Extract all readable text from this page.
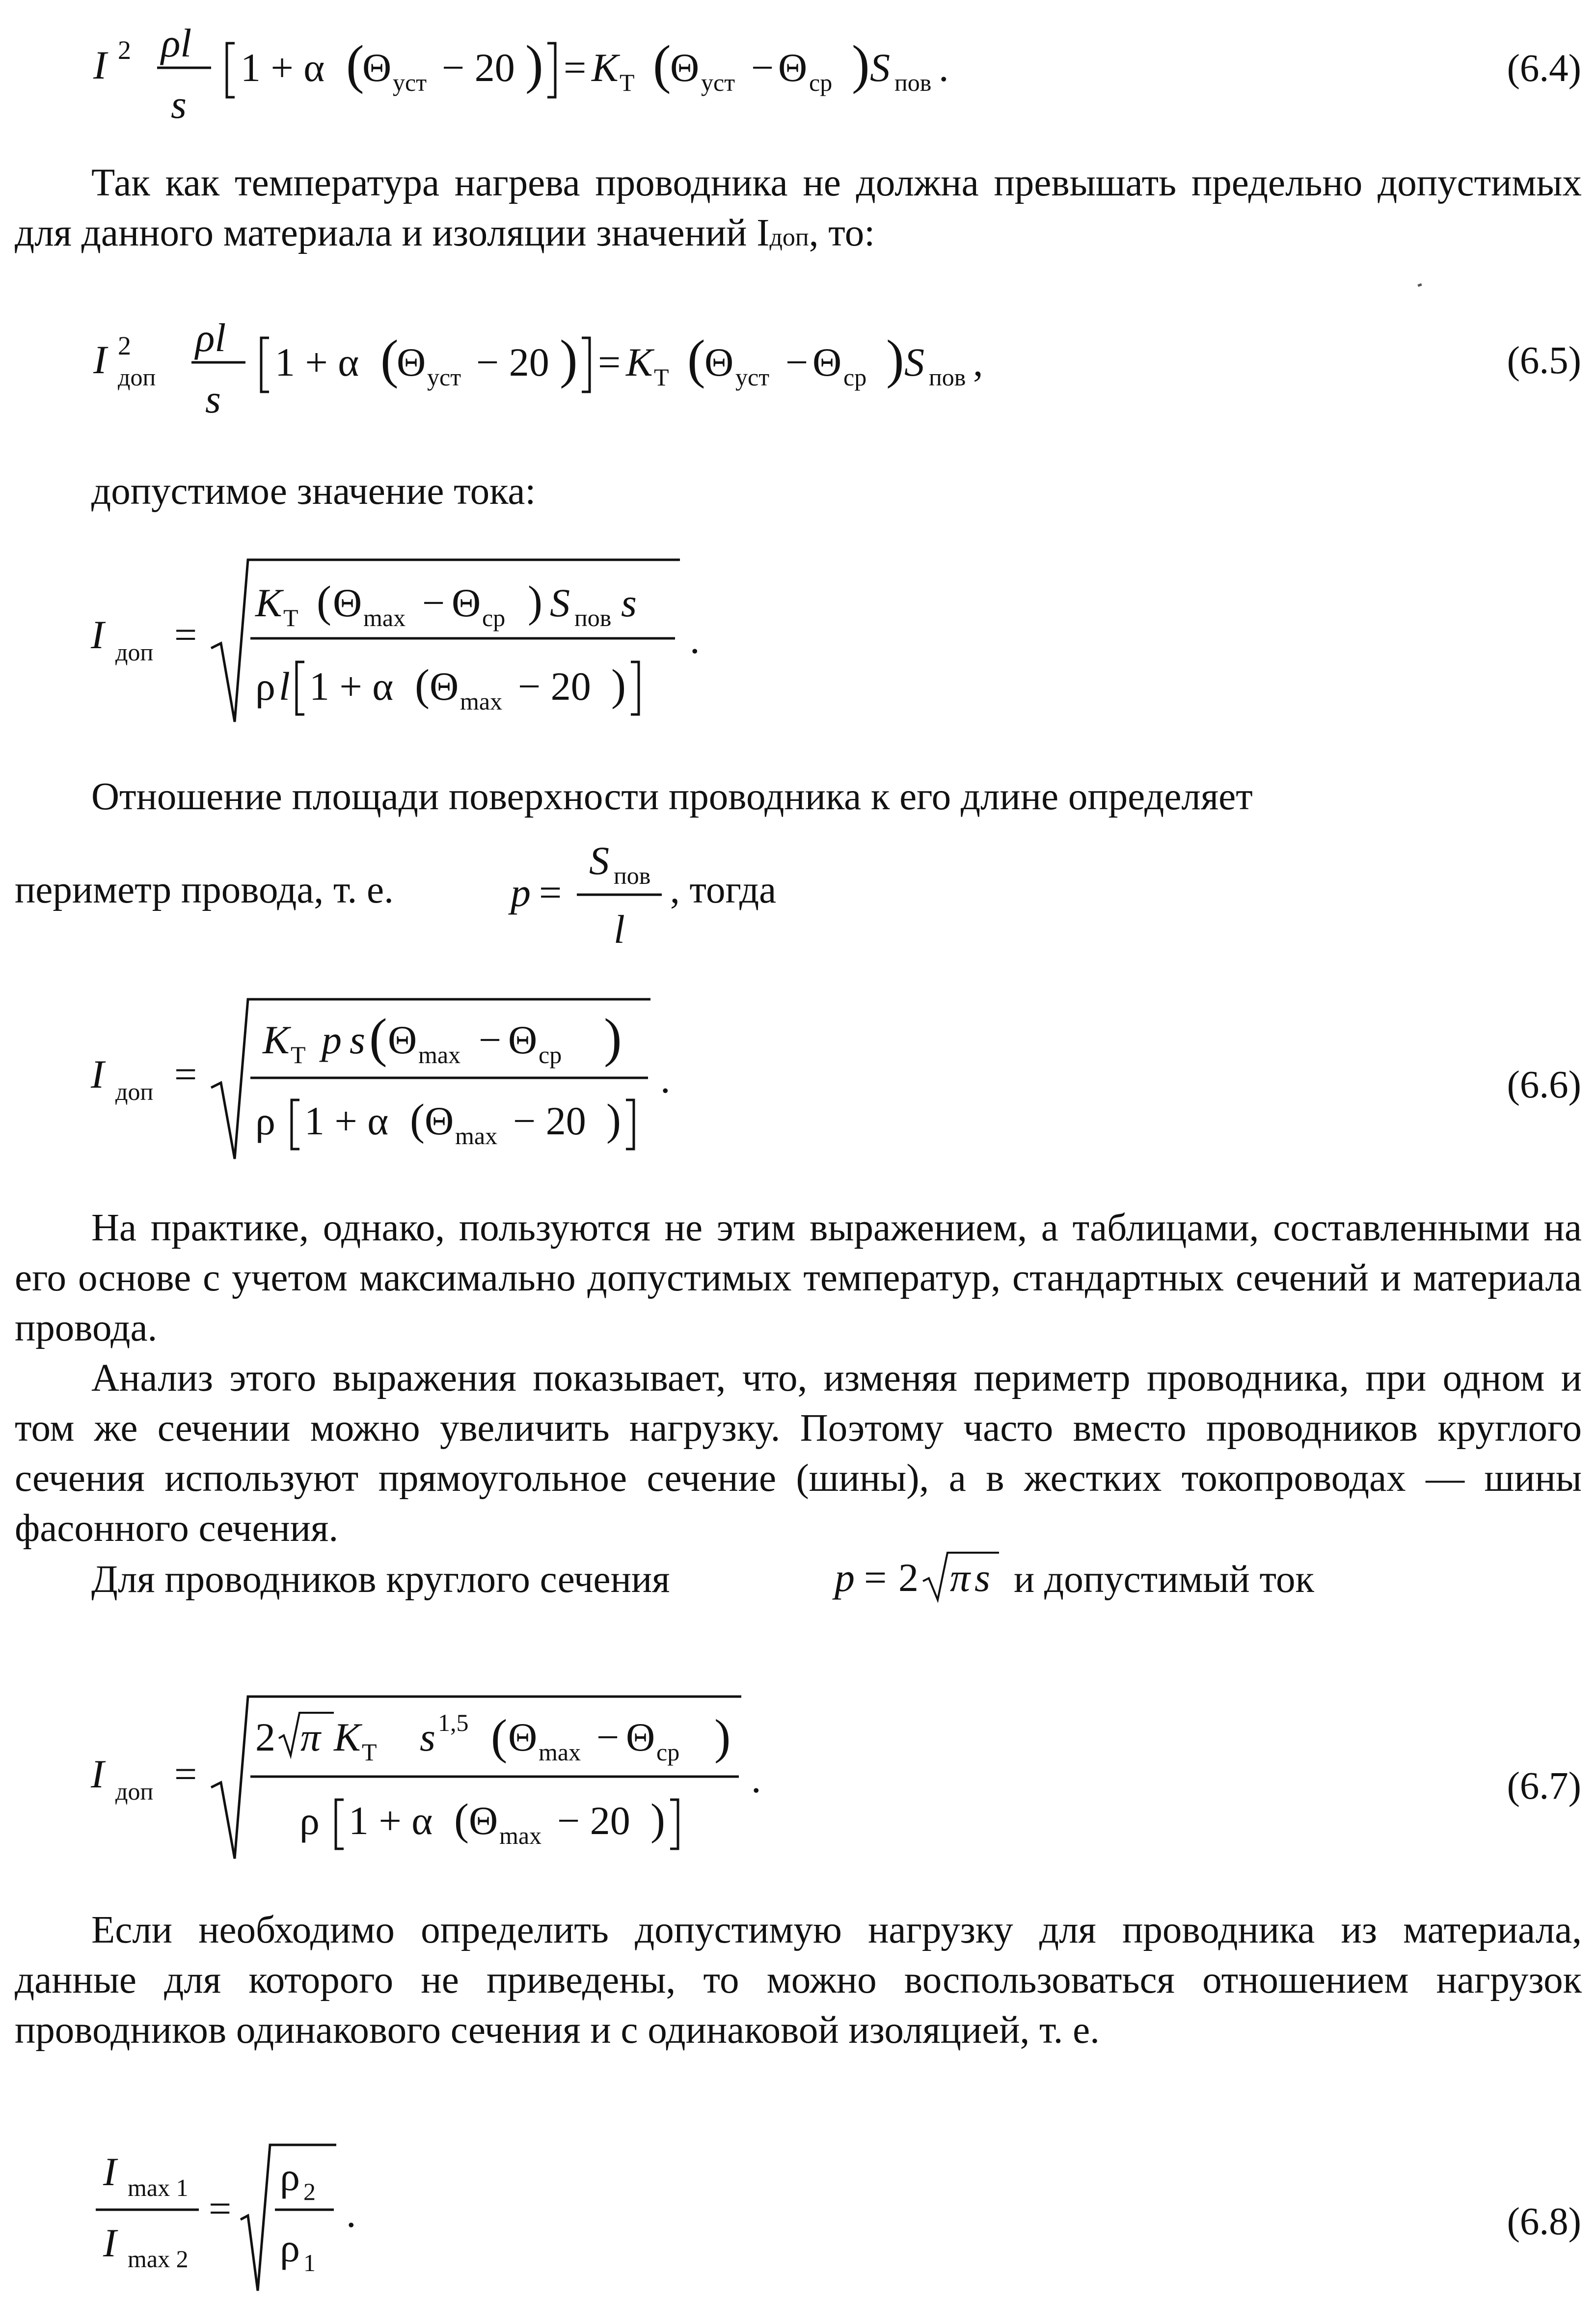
I 2 ρl
s
1 + α (
Θ уст − 20 ) = K Т (
Θ уст − Θ ср ) S пов .	(6.4)
Так как температура нагрева проводника не должна превышать предельно допустимых для данного материала и изоляции значений Iдоп, то:
I 2
доп
ρl
s
1 + α (
Θ уст − 20 ) = K Т (
Θ уст − Θ ср ) S пов ,	(6.5)
допустимое значение тока:
I доп =
K Т ( Θ max − Θ ср ) S пов s
ρ l 1 + α ( Θ max − 20 )
.
Отношение площади поверхности проводника к его длине определяет
периметр провода, т. е.	p =
S пов
l
, тогда
I доп =
K Т p s ( Θ max − Θ ср )
ρ 1 + α ( Θ max − 20 )
.	(6.6)
На практике, однако, пользуются не этим выражением, а таблицами, составленными на его основе с учетом максимально допустимых температур, стандартных сечений и материала провода.
Анализ этого выражения показывает, что, изменяя периметр проводника, при одном и том же сечении можно увеличить нагрузку. Поэтому часто вместо проводников круглого сечения используют прямоугольное сечение (шины), а в жестких токопроводах — шины фасонного сечения.
Для проводников круглого сечения	p = 2 π s и допустимый ток
I доп =
2 π K Т s 1,5 ( Θ max − Θ ср )
ρ 1 + α ( Θ max − 20 )
.	(6.7)
Если необходимо определить допустимую нагрузку для проводника из материала, данные для которого не приведены, то можно воспользоваться отношением нагрузок проводников одинакового сечения и с одинаковой изоляцией, т. е.
I max 1
I max 2
=
ρ 2
ρ 1
.	(6.8)
